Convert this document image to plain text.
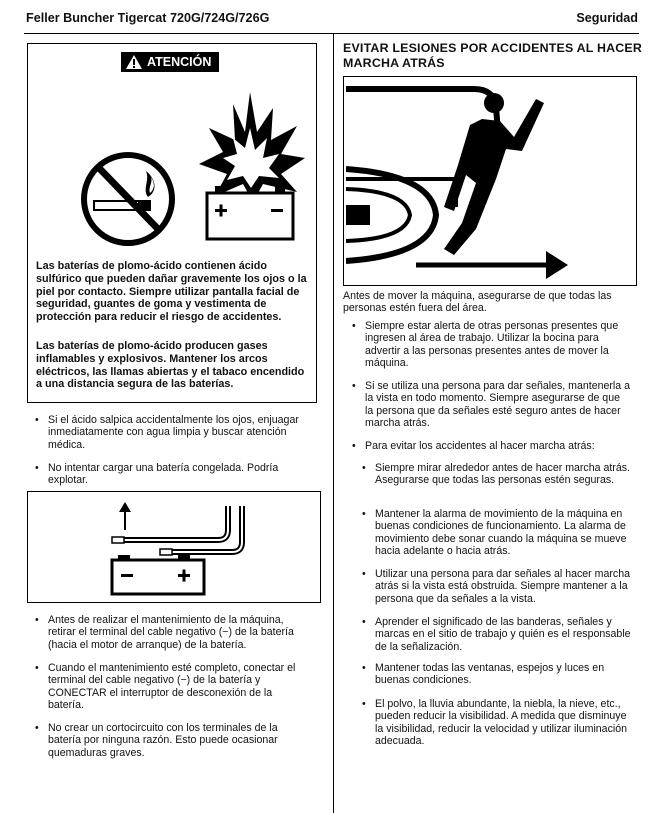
Feller Buncher Tigercat 720G/724G/726G	Seguridad
ATENCIÓN
Las baterías de plomo-ácido contienen ácido sulfúrico que pueden dañar gravemente los ojos o la piel por contacto. Siempre utilizar pantalla facial de seguridad, guantes de goma y vestimenta de protección para reducir el riesgo de accidentes.
Las baterías de plomo-ácido producen gases inflamables y explosivos. Mantener los arcos eléctricos, las llamas abiertas y el tabaco encendido a una distancia segura de las baterías.
• Si el ácido salpica accidentalmente los ojos, enjuagar inmediatamente con agua limpia y buscar atención médica.
• No intentar cargar una batería congelada. Podría explotar.
• Antes de realizar el mantenimiento de la máquina, retirar el terminal del cable negativo (−) de la batería (hacia el motor de arranque) de la batería.
• Cuando el mantenimiento esté completo, conectar el terminal del cable negativo (−) de la batería y CONECTAR el interruptor de desconexión de la batería.
• No crear un cortocircuito con los terminales de la batería por ninguna razón. Esto puede ocasionar quemaduras graves.
EVITAR LESIONES POR ACCIDENTES AL HACER MARCHA ATRÁS
Antes de mover la máquina, asegurarse de que todas las personas estén fuera del área.
• Siempre estar alerta de otras personas presentes que ingresen al área de trabajo. Utilizar la bocina para advertir a las personas presentes antes de mover la máquina.
• Si se utiliza una persona para dar señales, mantenerla a la vista en todo momento. Siempre asegurarse de que la persona que da señales esté seguro antes de hacer marcha atrás.
• Para evitar los accidentes al hacer marcha atrás:
• Siempre mirar alrededor antes de hacer marcha atrás. Asegurarse que todas las personas estén seguras.
• Mantener la alarma de movimiento de la máquina en buenas condiciones de funcionamiento. La alarma de movimiento debe sonar cuando la máquina se mueve hacia adelante o hacia atrás.
• Utilizar una persona para dar señales al hacer marcha atrás si la vista está obstruida. Siempre mantener a la persona que da señales a la vista.
• Aprender el significado de las banderas, señales y marcas en el sitio de trabajo y quién es el responsable de la señalización.
• Mantener todas las ventanas, espejos y luces en buenas condiciones.
• El polvo, la lluvia abundante, la niebla, la nieve, etc., pueden reducir la visibilidad. A medida que disminuye la visibilidad, reducir la velocidad y utilizar iluminación adecuada.
